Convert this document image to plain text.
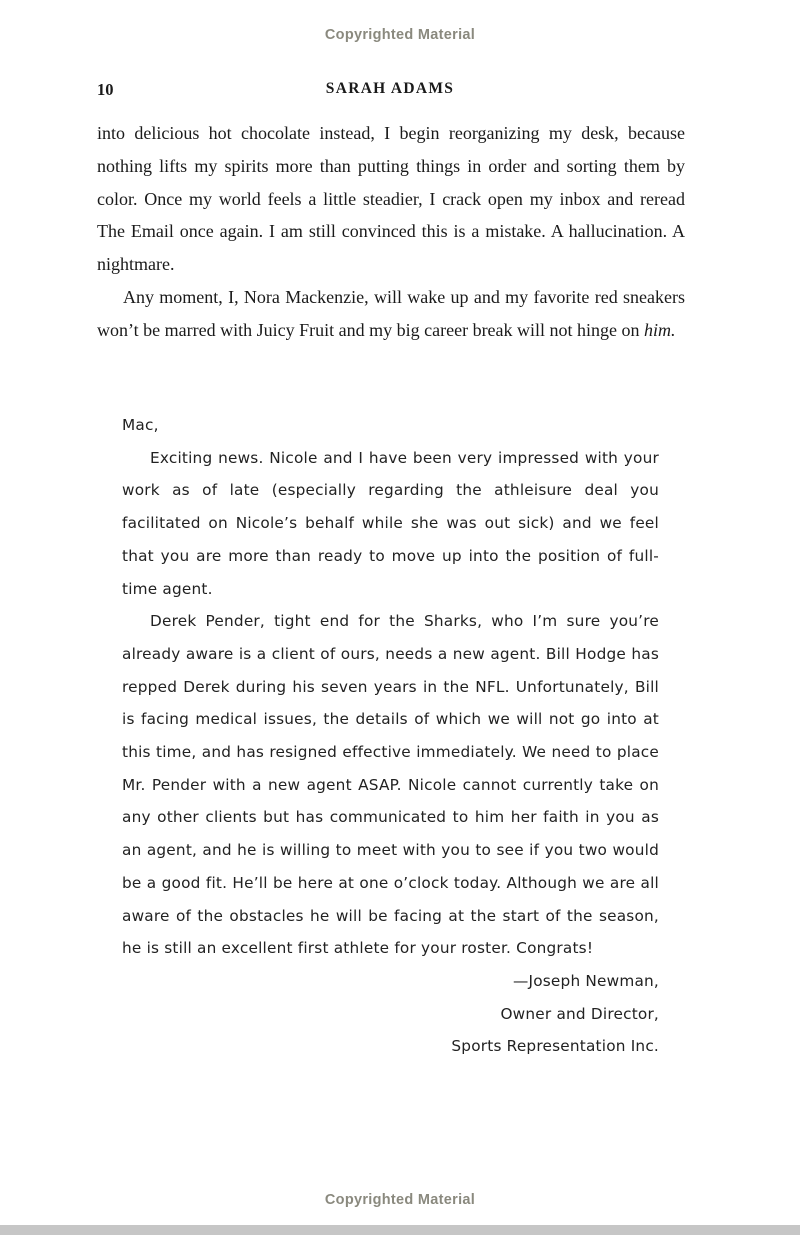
Copyrighted Material
10	SARAH ADAMS

into delicious hot chocolate instead, I begin reorganizing my desk, because nothing lifts my spirits more than putting things in order and sorting them by color. Once my world feels a little steadier, I crack open my inbox and reread The Email once again. I am still convinced this is a mistake. A hallucination. A nightmare.

Any moment, I, Nora Mackenzie, will wake up and my favorite red sneakers won’t be marred with Juicy Fruit and my big career break will not hinge on him.

Mac,

Exciting news. Nicole and I have been very impressed with your work as of late (especially regarding the athleisure deal you facilitated on Nicole’s behalf while she was out sick) and we feel that you are more than ready to move up into the position of full-time agent.

Derek Pender, tight end for the Sharks, who I’m sure you’re already aware is a client of ours, needs a new agent. Bill Hodge has repped Derek during his seven years in the NFL. Unfortunately, Bill is facing medical issues, the details of which we will not go into at this time, and has resigned effective immediately. We need to place Mr. Pender with a new agent ASAP. Nicole cannot currently take on any other clients but has communicated to him her faith in you as an agent, and he is willing to meet with you to see if you two would be a good fit. He’ll be here at one o’clock today. Although we are all aware of the obstacles he will be facing at the start of the season, he is still an excellent first athlete for your roster. Congrats!

—Joseph Newman,

Owner and Director,

Sports Representation Inc.

Copyrighted Material
